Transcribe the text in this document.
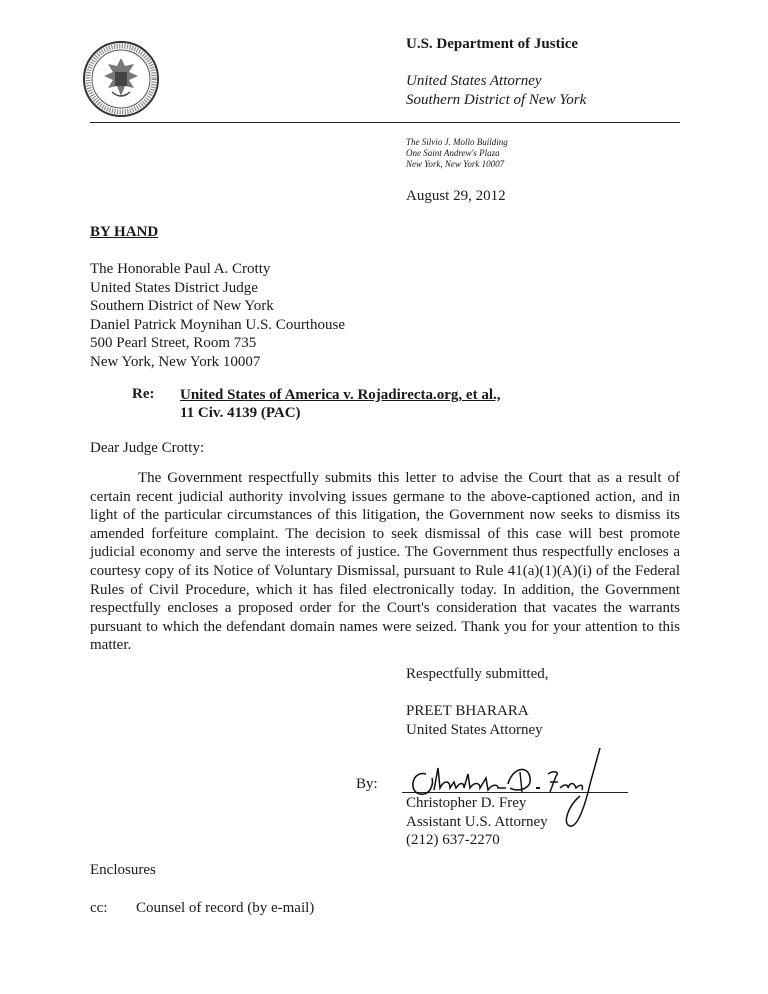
U.S. Department of Justice
United States Attorney
Southern District of New York
The Silvio J. Mollo Building
One Saint Andrew's Plaza
New York, New York 10007
August 29, 2012
BY HAND
The Honorable Paul A. Crotty
United States District Judge
Southern District of New York
Daniel Patrick Moynihan U.S. Courthouse
500 Pearl Street, Room 735
New York, New York 10007
Re: United States of America v. Rojadirecta.org, et al.,
11 Civ. 4139 (PAC)
Dear Judge Crotty:
The Government respectfully submits this letter to advise the Court that as a result of certain recent judicial authority involving issues germane to the above-captioned action, and in light of the particular circumstances of this litigation, the Government now seeks to dismiss its amended forfeiture complaint. The decision to seek dismissal of this case will best promote judicial economy and serve the interests of justice. The Government thus respectfully encloses a courtesy copy of its Notice of Voluntary Dismissal, pursuant to Rule 41(a)(1)(A)(i) of the Federal Rules of Civil Procedure, which it has filed electronically today. In addition, the Government respectfully encloses a proposed order for the Court's consideration that vacates the warrants pursuant to which the defendant domain names were seized. Thank you for your attention to this matter.
Respectfully submitted,
PREET BHARARA
United States Attorney
By:
Christopher D. Frey
Assistant U.S. Attorney
(212) 637-2270
Enclosures
cc: Counsel of record (by e-mail)
